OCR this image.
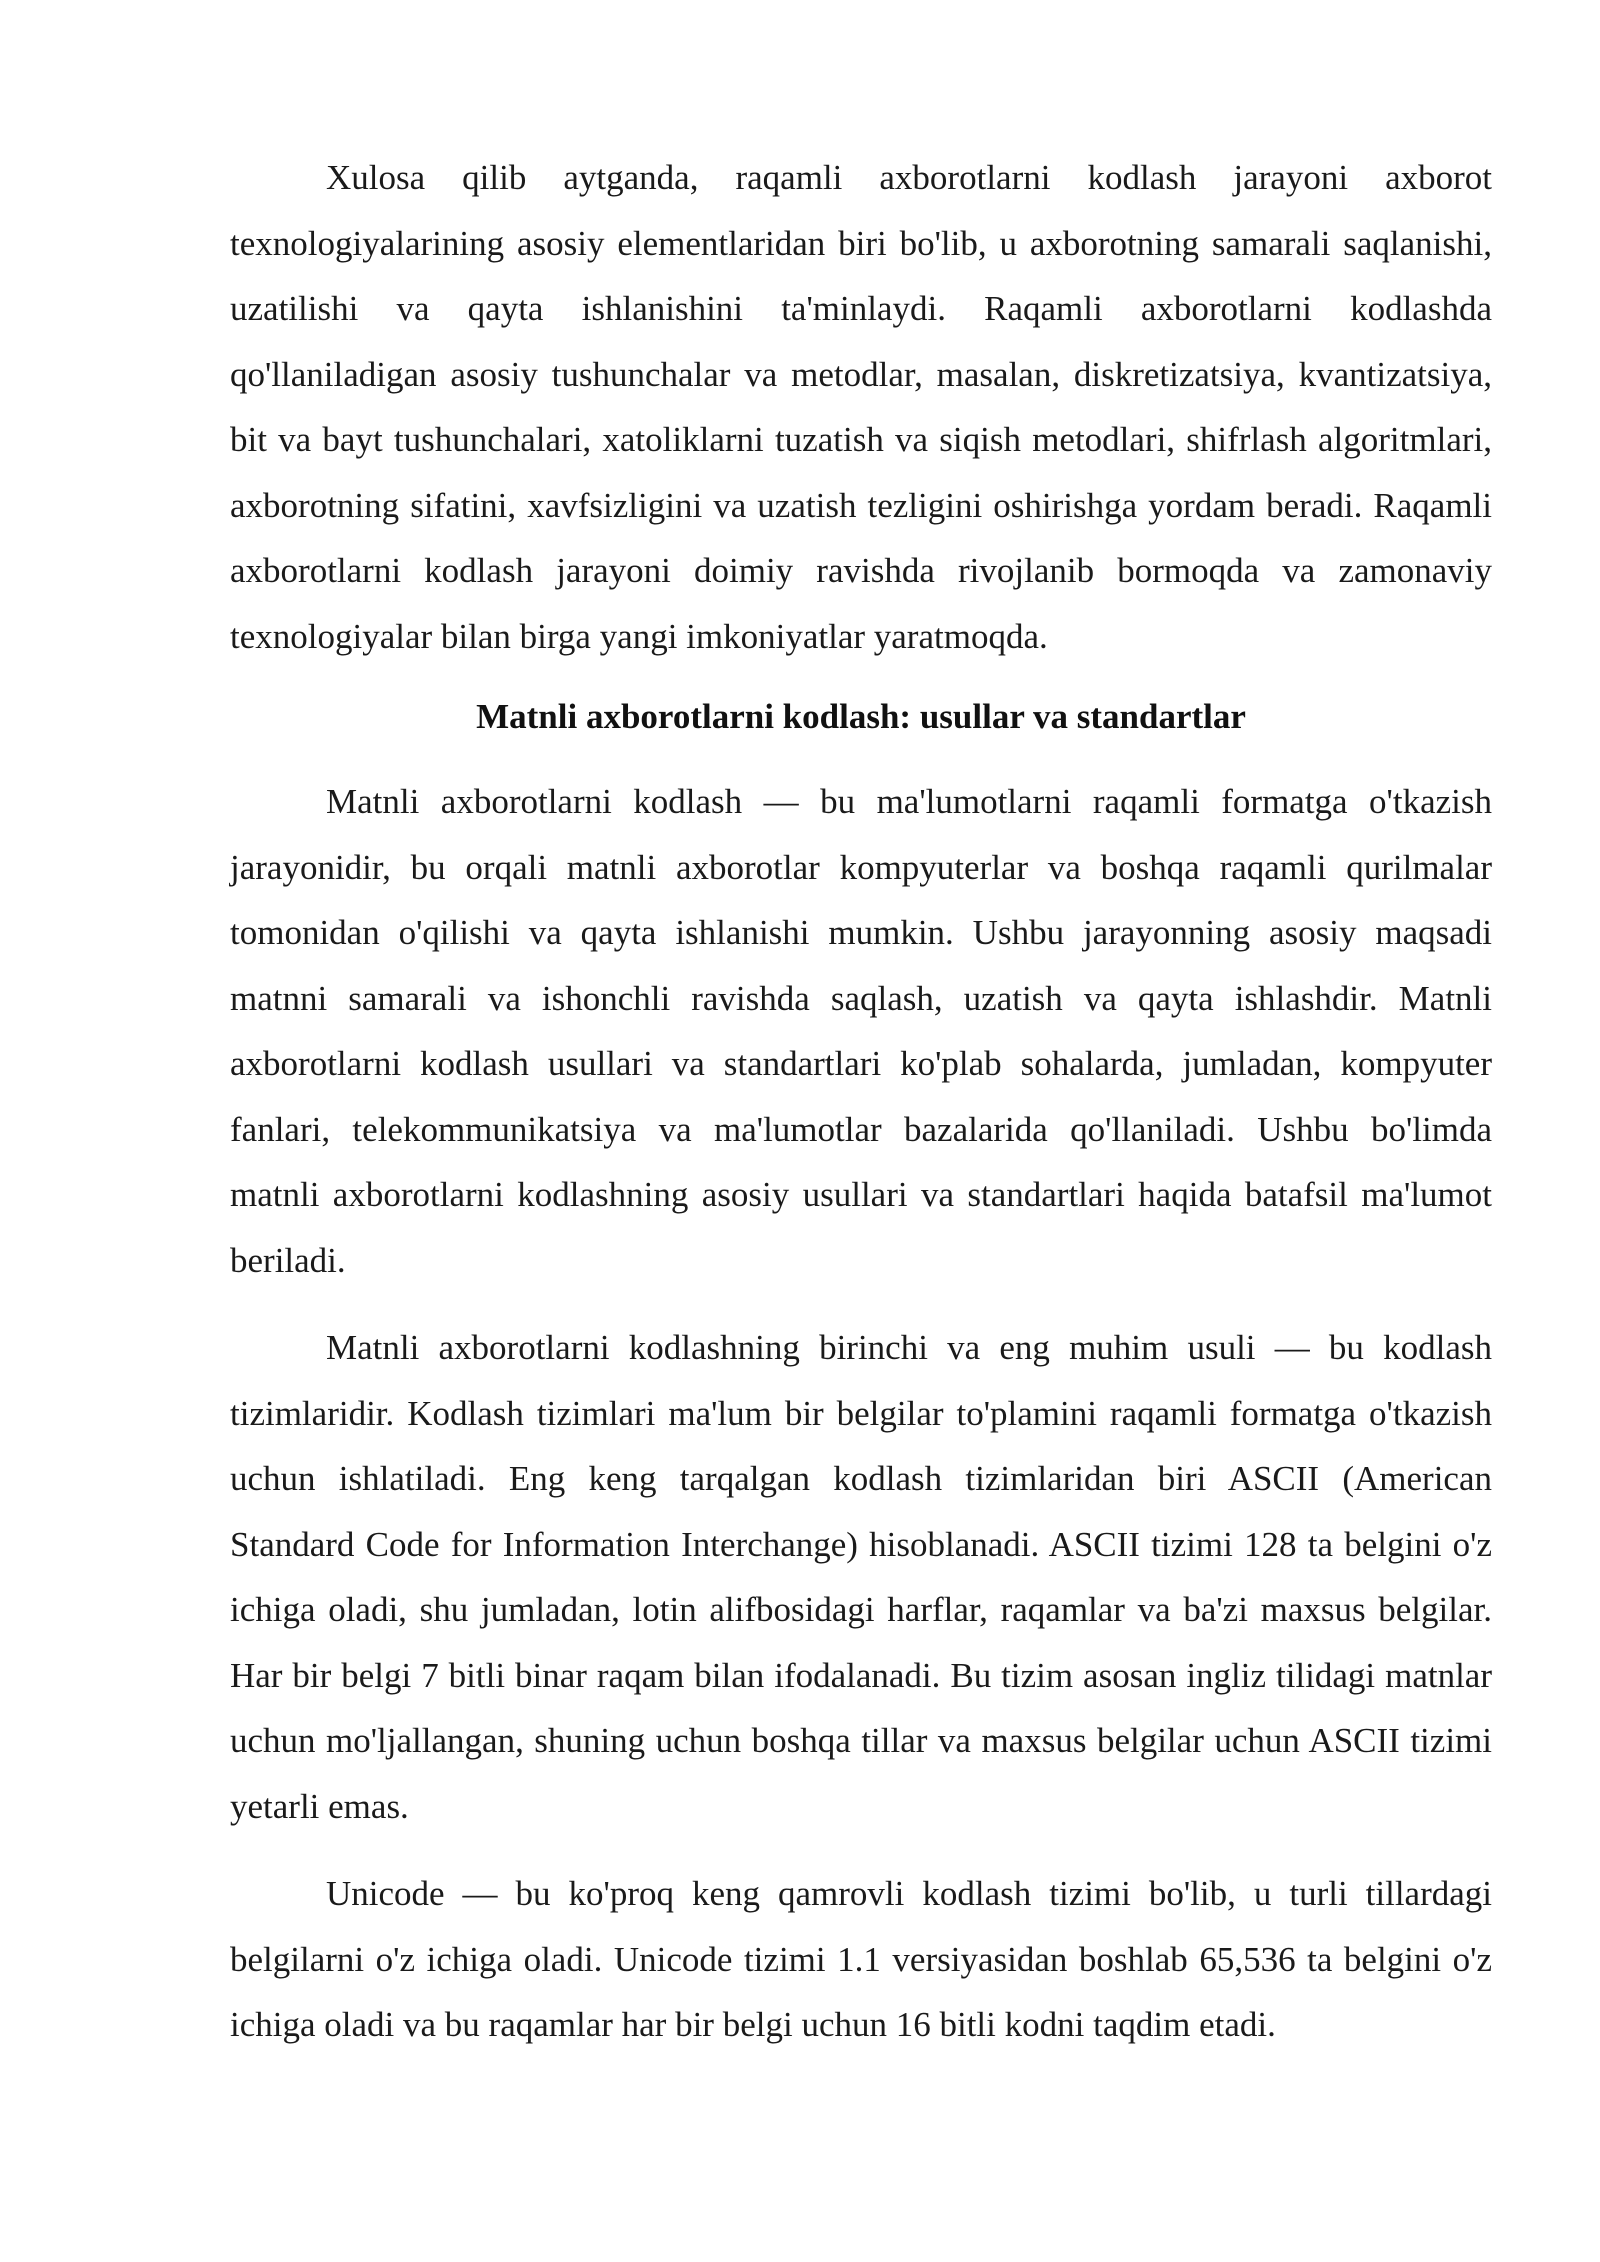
Xulosa qilib aytganda, raqamli axborotlarni kodlash jarayoni axborot texnologiyalarining asosiy elementlaridan biri bo'lib, u axborotning samarali saqlanishi, uzatilishi va qayta ishlanishini ta'minlaydi. Raqamli axborotlarni kodlashda qo'llaniladigan asosiy tushunchalar va metodlar, masalan, diskretizatsiya, kvantizatsiya, bit va bayt tushunchalari, xatoliklarni tuzatish va siqish metodlari, shifrlash algoritmlari, axborotning sifatini, xavfsizligini va uzatish tezligini oshirishga yordam beradi. Raqamli axborotlarni kodlash jarayoni doimiy ravishda rivojlanib bormoqda va zamonaviy texnologiyalar bilan birga yangi imkoniyatlar yaratmoqda.

Matnli axborotlarni kodlash: usullar va standartlar

Matnli axborotlarni kodlash — bu ma'lumotlarni raqamli formatga o'tkazish jarayonidir, bu orqali matnli axborotlar kompyuterlar va boshqa raqamli qurilmalar tomonidan o'qilishi va qayta ishlanishi mumkin. Ushbu jarayonning asosiy maqsadi matnni samarali va ishonchli ravishda saqlash, uzatish va qayta ishlashdir. Matnli axborotlarni kodlash usullari va standartlari ko'plab sohalarda, jumladan, kompyuter fanlari, telekommunikatsiya va ma'lumotlar bazalarida qo'llaniladi. Ushbu bo'limda matnli axborotlarni kodlashning asosiy usullari va standartlari haqida batafsil ma'lumot beriladi.

Matnli axborotlarni kodlashning birinchi va eng muhim usuli — bu kodlash tizimlaridir. Kodlash tizimlari ma'lum bir belgilar to'plamini raqamli formatga o'tkazish uchun ishlatiladi. Eng keng tarqalgan kodlash tizimlaridan biri ASCII (American Standard Code for Information Interchange) hisoblanadi. ASCII tizimi 128 ta belgini o'z ichiga oladi, shu jumladan, lotin alifbosidagi harflar, raqamlar va ba'zi maxsus belgilar. Har bir belgi 7 bitli binar raqam bilan ifodalanadi. Bu tizim asosan ingliz tilidagi matnlar uchun mo'ljallangan, shuning uchun boshqa tillar va maxsus belgilar uchun ASCII tizimi yetarli emas.

Unicode — bu ko'proq keng qamrovli kodlash tizimi bo'lib, u turli tillardagi belgilarni o'z ichiga oladi. Unicode tizimi 1.1 versiyasidan boshlab 65,536 ta belgini o'z ichiga oladi va bu raqamlar har bir belgi uchun 16 bitli kodni taqdim etadi.
